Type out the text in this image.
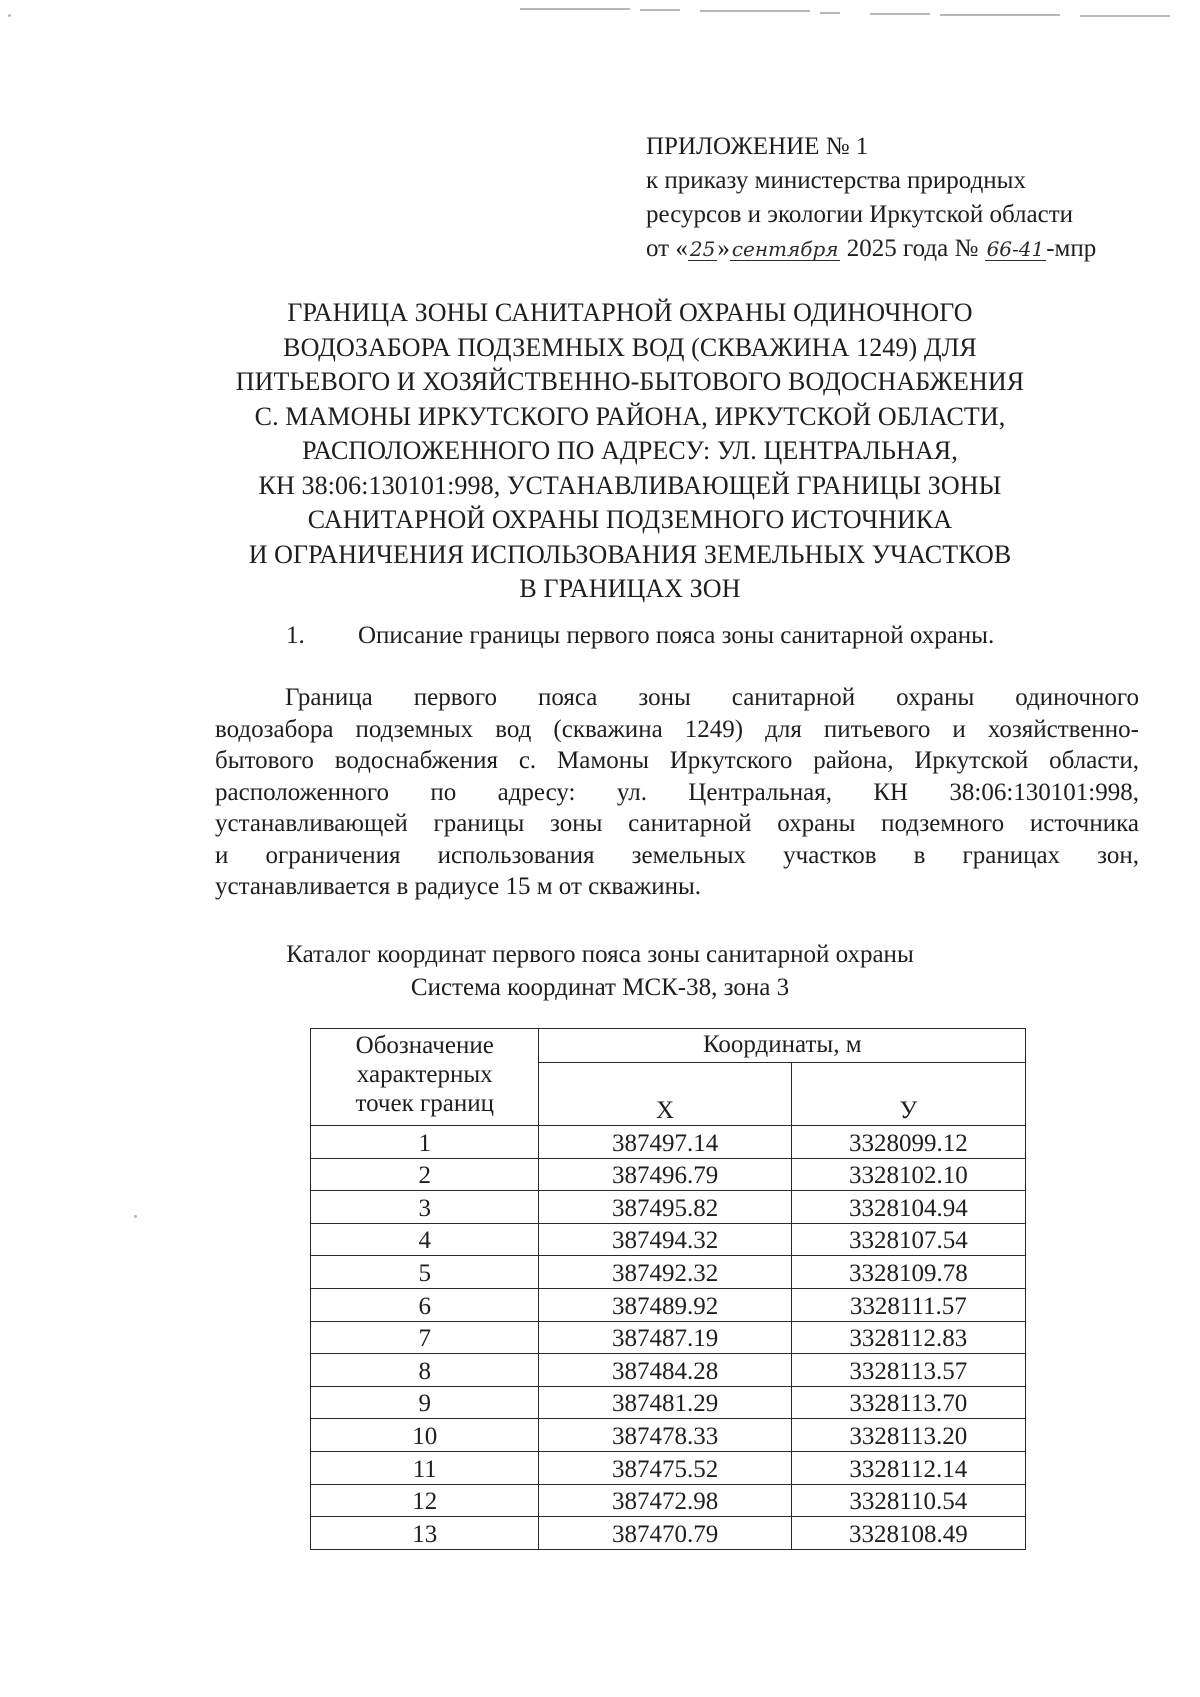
ПРИЛОЖЕНИЕ № 1
к приказу министерства природных
ресурсов и экологии Иркутской области
от « 25» сентября 2025 года № 66-41-мпр
ГРАНИЦА ЗОНЫ САНИТАРНОЙ ОХРАНЫ ОДИНОЧНОГО
ВОДОЗАБОРА ПОДЗЕМНЫХ ВОД (СКВАЖИНА 1249) ДЛЯ
ПИТЬЕВОГО И ХОЗЯЙСТВЕННО-БЫТОВОГО ВОДОСНАБЖЕНИЯ
С. МАМОНЫ ИРКУТСКОГО РАЙОНА, ИРКУТСКОЙ ОБЛАСТИ,
РАСПОЛОЖЕННОГО ПО АДРЕСУ: УЛ. ЦЕНТРАЛЬНАЯ,
КН 38:06:130101:998, УСТАНАВЛИВАЮЩЕЙ ГРАНИЦЫ ЗОНЫ
САНИТАРНОЙ ОХРАНЫ ПОДЗЕМНОГО ИСТОЧНИКА
И ОГРАНИЧЕНИЯ ИСПОЛЬЗОВАНИЯ ЗЕМЕЛЬНЫХ УЧАСТКОВ
В ГРАНИЦАХ ЗОН
1. Описание границы первого пояса зоны санитарной охраны.
Граница первого пояса зоны санитарной охраны одиночного
водозабора подземных вод (скважина 1249) для питьевого и хозяйственно-
бытового водоснабжения с. Мамоны Иркутского района, Иркутской области,
расположенного по адресу: ул. Центральная, КН 38:06:130101:998,
устанавливающей границы зоны санитарной охраны подземного источника
и ограничения использования земельных участков в границах зон,
устанавливается в радиусе 15 м от скважины.
Каталог координат первого пояса зоны санитарной охраны
Система координат МСК-38, зона 3
Обозначение
характерных
точек границ	Координаты, м	
	Х	У
1	387497.14	3328099.12
2	387496.79	3328102.10
3	387495.82	3328104.94
4	387494.32	3328107.54
5	387492.32	3328109.78
6	387489.92	3328111.57
7	387487.19	3328112.83
8	387484.28	3328113.57
9	387481.29	3328113.70
10	387478.33	3328113.20
11	387475.52	3328112.14
12	387472.98	3328110.54
13	387470.79	3328108.49
